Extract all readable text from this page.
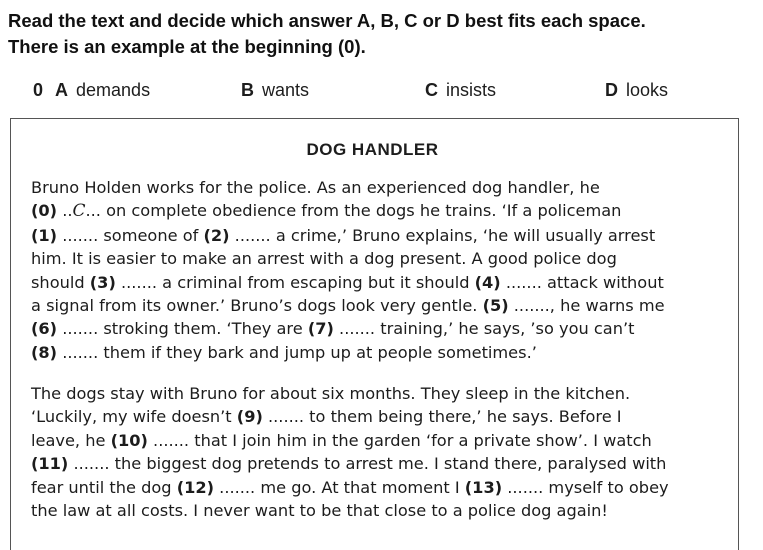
Read the text and decide which answer A, B, C or D best fits each space.
There is an example at the beginning (0).
0 A demands	B wants	C insists	D looks
DOG HANDLER
Bruno Holden works for the police. As an experienced dog handler, he
(0) ..C... on complete obedience from the dogs he trains. ‘If a policeman
(1) ....... someone of (2) ....... a crime,’ Bruno explains, ‘he will usually arrest
him. It is easier to make an arrest with a dog present. A good police dog
should (3) ....... a criminal from escaping but it should (4) ....... attack without
a signal from its owner.’ Bruno’s dogs look very gentle. (5) ......., he warns me
(6) ....... stroking them. ‘They are (7) ....... training,’ he says, ’so you can’t
(8) ....... them if they bark and jump up at people sometimes.’
The dogs stay with Bruno for about six months. They sleep in the kitchen.
‘Luckily, my wife doesn’t (9) ....... to them being there,’ he says. Before I
leave, he (10) ....... that I join him in the garden ‘for a private show’. I watch
(11) ....... the biggest dog pretends to arrest me. I stand there, paralysed with
fear until the dog (12) ....... me go. At that moment I (13) ....... myself to obey
the law at all costs. I never want to be that close to a police dog again!
